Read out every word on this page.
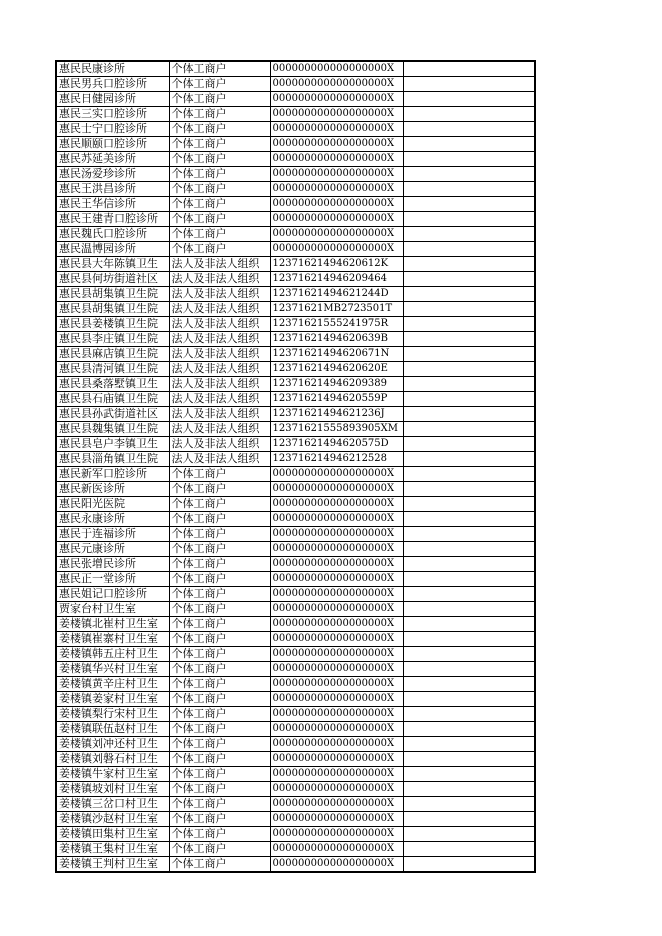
惠民民康诊所	个体工商户	000000000000000000X	
惠民男兵口腔诊所	个体工商户	000000000000000000X	
惠民日健园诊所	个体工商户	000000000000000000X	
惠民三实口腔诊所	个体工商户	000000000000000000X	
惠民士宁口腔诊所	个体工商户	000000000000000000X	
惠民顺颐口腔诊所	个体工商户	000000000000000000X	
惠民苏延美诊所	个体工商户	000000000000000000X	
惠民汤爱珍诊所	个体工商户	000000000000000000X	
惠民王洪昌诊所	个体工商户	000000000000000000X	
惠民王华信诊所	个体工商户	000000000000000000X	
惠民王建青口腔诊所	个体工商户	000000000000000000X	
惠民魏氏口腔诊所	个体工商户	000000000000000000X	
惠民温博园诊所	个体工商户	000000000000000000X	
惠民县大年陈镇卫生	法人及非法人组织	12371621494620612K	
惠民县何坊街道社区	法人及非法人组织	123716214946209464	
惠民县胡集镇卫生院	法人及非法人组织	12371621494621244D	
惠民县胡集镇卫生院	法人及非法人组织	12371621MB2723501T	
惠民县姜楼镇卫生院	法人及非法人组织	12371621555241975R	
惠民县李庄镇卫生院	法人及非法人组织	12371621494620639B	
惠民县麻店镇卫生院	法人及非法人组织	12371621494620671N	
惠民县清河镇卫生院	法人及非法人组织	12371621494620620E	
惠民县桑落墅镇卫生	法人及非法人组织	123716214946209389	
惠民县石庙镇卫生院	法人及非法人组织	12371621494620559P	
惠民县孙武街道社区	法人及非法人组织	12371621494621236J	
惠民县魏集镇卫生院	法人及非法人组织	12371621555893905XM	
惠民县皂户李镇卫生	法人及非法人组织	12371621494620575D	
惠民县淄角镇卫生院	法人及非法人组织	123716214946212528	
惠民新军口腔诊所	个体工商户	000000000000000000X	
惠民新医诊所	个体工商户	000000000000000000X	
惠民阳光医院	个体工商户	000000000000000000X	
惠民永康诊所	个体工商户	000000000000000000X	
惠民于连福诊所	个体工商户	000000000000000000X	
惠民元康诊所	个体工商户	000000000000000000X	
惠民张增民诊所	个体工商户	000000000000000000X	
惠民正一堂诊所	个体工商户	000000000000000000X	
惠民姐记口腔诊所	个体工商户	000000000000000000X	
贾家台村卫生室	个体工商户	000000000000000000X	
姜楼镇北崔村卫生室	个体工商户	000000000000000000X	
姜楼镇崔寨村卫生室	个体工商户	000000000000000000X	
姜楼镇韩五庄村卫生	个体工商户	000000000000000000X	
姜楼镇华兴村卫生室	个体工商户	000000000000000000X	
姜楼镇黄辛庄村卫生	个体工商户	000000000000000000X	
姜楼镇姜家村卫生室	个体工商户	000000000000000000X	
姜楼镇梨行宋村卫生	个体工商户	000000000000000000X	
姜楼镇联伍赵村卫生	个体工商户	000000000000000000X	
姜楼镇刘冲还村卫生	个体工商户	000000000000000000X	
姜楼镇刘磐石村卫生	个体工商户	000000000000000000X	
姜楼镇牛家村卫生室	个体工商户	000000000000000000X	
姜楼镇坡刘村卫生室	个体工商户	000000000000000000X	
姜楼镇三岔口村卫生	个体工商户	000000000000000000X	
姜楼镇沙赵村卫生室	个体工商户	000000000000000000X	
姜楼镇田集村卫生室	个体工商户	000000000000000000X	
姜楼镇王集村卫生室	个体工商户	000000000000000000X	
姜楼镇王判村卫生室	个体工商户	000000000000000000X	
